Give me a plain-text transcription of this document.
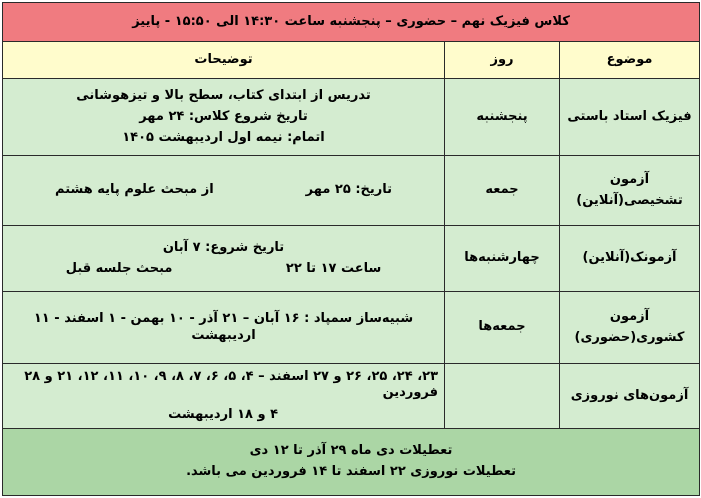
کلاس فیزیک نهم – حضوری – پنجشنبه ساعت ۱۴:۳۰ الی ۱۵:۵۰ - پاییز		
موضوع	روز	توضیحات
فیزیک استاد باستی	پنجشنبه	تدریس از ابتدای کتاب، سطح بالا و تیزهوشانی
تاریخ شروع کلاس: ۲۴ مهر
اتمام: نیمه اول اردیبهشت ۱۴۰۵

آزمون
تشخیصی(آنلاین)	جمعه	تاریخ: ۲۵ مهر
از مبحث علوم پایه هشتم

آزمونک(آنلاین)	چهارشنبه‌ها	تاریخ شروع: ۷ آبان
ساعت ۱۷ تا ۲۲
مبحث جلسه قبل

آزمون
کشوری(حضوری)	جمعه‌ها	شبیه‌ساز سمپاد : ۱۶ آبان – ۲۱ آذر - ۱۰ بهمن - ۱ اسفند - ۱۱ اردیبهشت
آزمون‌های نوروزی		۲۳، ۲۴، ۲۵، ۲۶ و ۲۷ اسفند – ۴، ۵، ۶، ۷، ۸، ۹، ۱۰، ۱۱، ۱۲، ۲۱ و ۲۸ فروردین
۴ و ۱۸ اردیبهشت

تعطیلات دی ماه ۲۹ آذر تا ۱۲ دی
تعطیلات نوروزی ۲۲ اسفند تا ۱۴ فروردین می باشد.		
